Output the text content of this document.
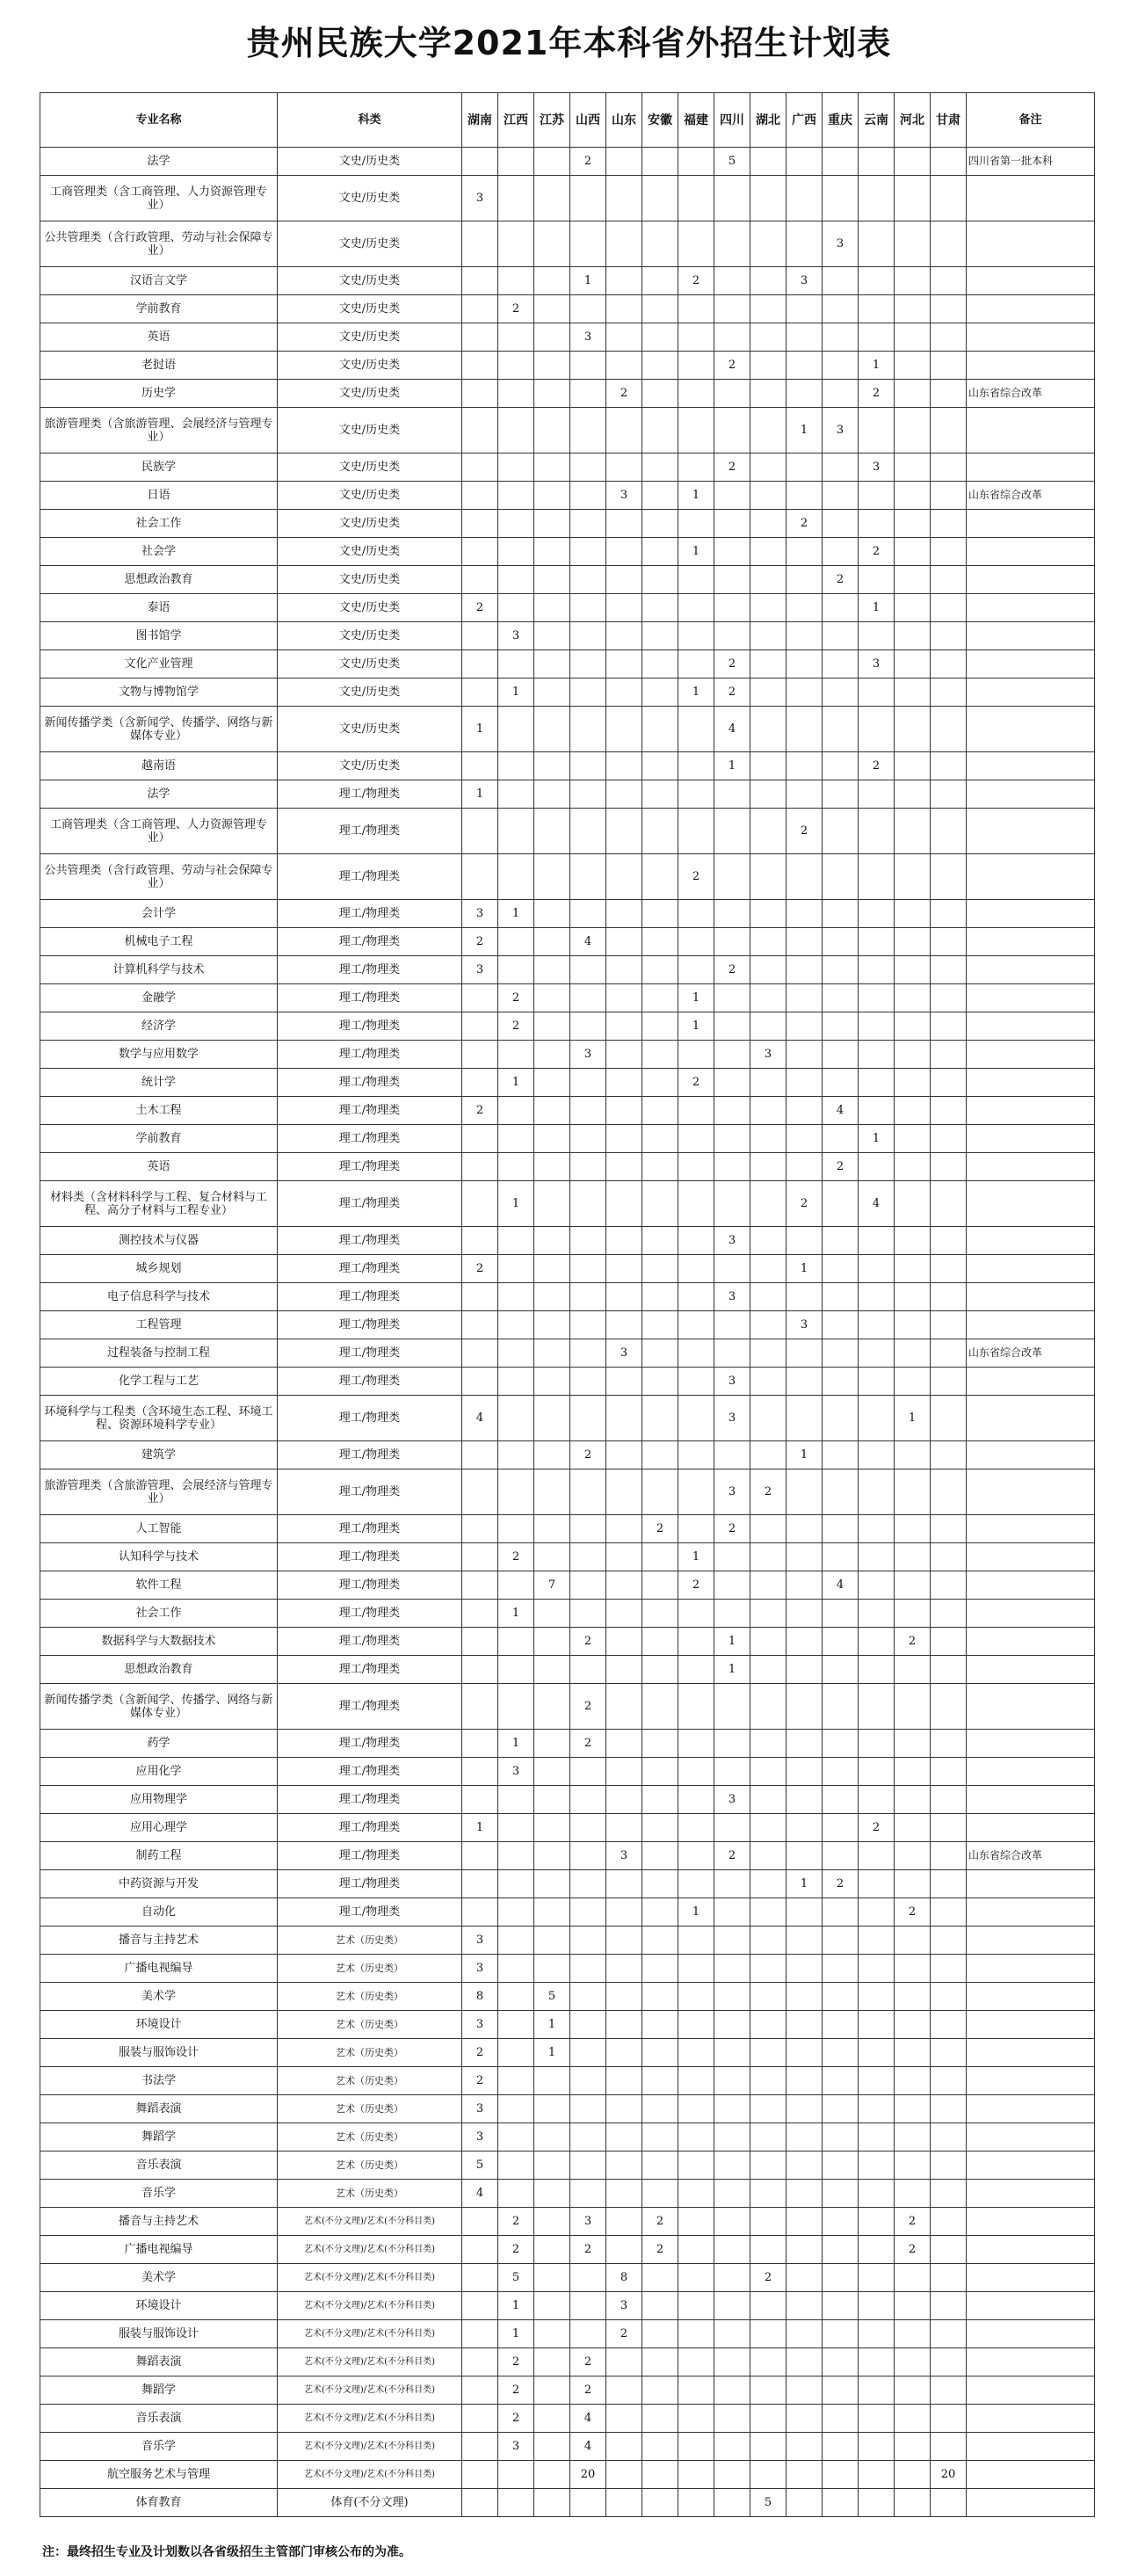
贵州民族大学2021年本科省外招生计划表
专业名称	科类	湖南	江西	江苏	山西	山东	安徽	福建	四川	湖北	广西	重庆	云南	河北	甘肃	备注
法学	文史/历史类				2				5							四川省第一批本科
工商管理类（含工商管理、人力资源管理专业）	文史/历史类	3														
公共管理类（含行政管理、劳动与社会保障专业）	文史/历史类											3				
汉语言文学	文史/历史类				1			2			3					
学前教育	文史/历史类		2													
英语	文史/历史类				3											
老挝语	文史/历史类								2				1			
历史学	文史/历史类					2							2			山东省综合改革
旅游管理类（含旅游管理、会展经济与管理专业）	文史/历史类										1	3				
民族学	文史/历史类								2				3			
日语	文史/历史类					3		1								山东省综合改革
社会工作	文史/历史类										2					
社会学	文史/历史类							1					2			
思想政治教育	文史/历史类											2				
泰语	文史/历史类	2											1			
图书馆学	文史/历史类		3													
文化产业管理	文史/历史类								2				3			
文物与博物馆学	文史/历史类		1					1	2							
新闻传播学类（含新闻学、传播学、网络与新媒体专业）	文史/历史类	1							4							
越南语	文史/历史类								1				2			
法学	理工/物理类	1														
工商管理类（含工商管理、人力资源管理专业）	理工/物理类										2					
公共管理类（含行政管理、劳动与社会保障专业）	理工/物理类							2								
会计学	理工/物理类	3	1													
机械电子工程	理工/物理类	2			4											
计算机科学与技术	理工/物理类	3							2							
金融学	理工/物理类		2					1								
经济学	理工/物理类		2					1								
数学与应用数学	理工/物理类				3					3						
统计学	理工/物理类		1					2								
土木工程	理工/物理类	2										4				
学前教育	理工/物理类												1			
英语	理工/物理类											2				
材料类（含材料科学与工程、复合材料与工程、高分子材料与工程专业）	理工/物理类		1								2		4			
测控技术与仪器	理工/物理类								3							
城乡规划	理工/物理类	2									1					
电子信息科学与技术	理工/物理类								3							
工程管理	理工/物理类										3					
过程装备与控制工程	理工/物理类					3										山东省综合改革
化学工程与工艺	理工/物理类								3							
环境科学与工程类（含环境生态工程、环境工程、资源环境科学专业）	理工/物理类	4							3					1		
建筑学	理工/物理类				2						1					
旅游管理类（含旅游管理、会展经济与管理专业）	理工/物理类								3	2						
人工智能	理工/物理类						2		2							
认知科学与技术	理工/物理类		2					1								
软件工程	理工/物理类			7				2				4				
社会工作	理工/物理类		1													
数据科学与大数据技术	理工/物理类				2				1					2		
思想政治教育	理工/物理类								1							
新闻传播学类（含新闻学、传播学、网络与新媒体专业）	理工/物理类				2											
药学	理工/物理类		1		2											
应用化学	理工/物理类		3													
应用物理学	理工/物理类								3							
应用心理学	理工/物理类	1											2			
制药工程	理工/物理类					3			2							山东省综合改革
中药资源与开发	理工/物理类										1	2				
自动化	理工/物理类							1						2		
播音与主持艺术	艺术（历史类）	3														
广播电视编导	艺术（历史类）	3														
美术学	艺术（历史类）	8		5												
环境设计	艺术（历史类）	3		1												
服装与服饰设计	艺术（历史类）	2		1												
书法学	艺术（历史类）	2														
舞蹈表演	艺术（历史类）	3														
舞蹈学	艺术（历史类）	3														
音乐表演	艺术（历史类）	5														
音乐学	艺术（历史类）	4														
播音与主持艺术	艺术(不分文理)/艺术(不分科目类)		2		3		2							2		
广播电视编导	艺术(不分文理)/艺术(不分科目类)		2		2		2							2		
美术学	艺术(不分文理)/艺术(不分科目类)		5			8				2						
环境设计	艺术(不分文理)/艺术(不分科目类)		1			3										
服装与服饰设计	艺术(不分文理)/艺术(不分科目类)		1			2										
舞蹈表演	艺术(不分文理)/艺术(不分科目类)		2		2											
舞蹈学	艺术(不分文理)/艺术(不分科目类)		2		2											
音乐表演	艺术(不分文理)/艺术(不分科目类)		2		4											
音乐学	艺术(不分文理)/艺术(不分科目类)		3		4											
航空服务艺术与管理	艺术(不分文理)/艺术(不分科目类)				20										20	
体育教育	体育(不分文理)									5						
注：最终招生专业及计划数以各省级招生主管部门审核公布的为准。
